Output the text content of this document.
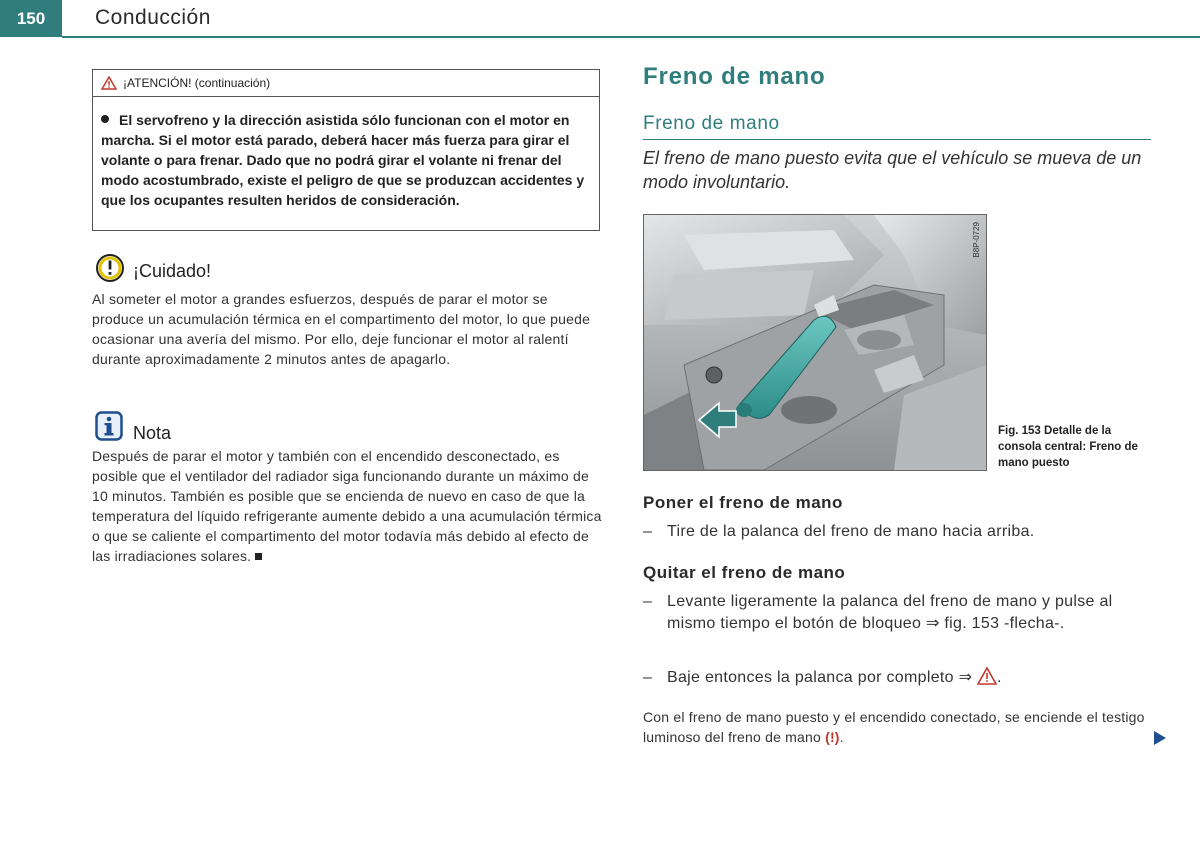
150	Conducción
¡ATENCIÓN! (continuación)
El servofreno y la dirección asistida sólo funcionan con el motor en marcha. Si el motor está parado, deberá hacer más fuerza para girar el volante o para frenar. Dado que no podrá girar el volante ni frenar del modo acostumbrado, existe el peligro de que se produzcan accidentes y que los ocupantes resulten heridos de consideración.
¡Cuidado!
Al someter el motor a grandes esfuerzos, después de parar el motor se produce un acumulación térmica en el compartimento del motor, lo que puede ocasionar una avería del mismo. Por ello, deje funcionar el motor al ralentí durante aproximadamente 2 minutos antes de apagarlo.
Nota
Después de parar el motor y también con el encendido desconectado, es posible que el ventilador del radiador siga funcionando durante un máximo de 10 minutos. También es posible que se encienda de nuevo en caso de que la temperatura del líquido refrigerante aumente debido a una acumulación térmica o que se caliente el compartimento del motor todavía más debido al efecto de las irradiaciones solares.
Freno de mano
Freno de mano
El freno de mano puesto evita que el vehículo se mueva de un modo involuntario.
B8P-0729
Fig. 153 Detalle de la consola central: Freno de mano puesto
Poner el freno de mano
– Tire de la palanca del freno de mano hacia arriba.
Quitar el freno de mano
– Levante ligeramente la palanca del freno de mano y pulse al mismo tiempo el botón de bloqueo ⇒ fig. 153 -flecha-.
– Baje entonces la palanca por completo ⇒ .
Con el freno de mano puesto y el encendido conectado, se enciende el testigo luminoso del freno de mano (!).
